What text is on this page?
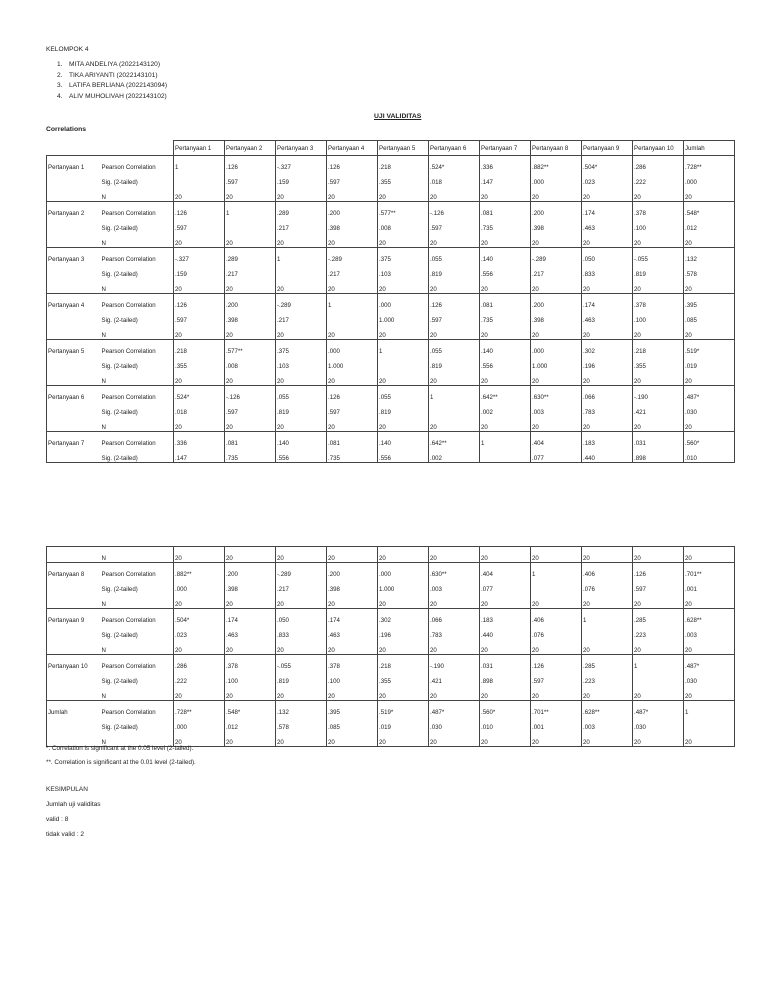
KELOMPOK 4
1. MITA ANDELIYA (2022143120)
2. TIKA ARIYANTI (2022143101)
3. LATIFA BERLIANA (2022143094)
4. ALIV MUHOLIVAH (2022143102)
UJI VALIDITAS
Correlations
		Pertanyaan 1	Pertanyaan 2	Pertanyaan 3	Pertanyaan 4	Pertanyaan 5	Pertanyaan 6	Pertanyaan 7	Pertanyaan 8	Pertanyaan 9	Pertanyaan 10	Jumlah
Pertanyaan 1	Pearson Correlation	1	.126	-.327	.126	.218	.524*	.336	.882**	.504*	.286	.728**
	Sig. (2-tailed)		.597	.159	.597	.355	.018	.147	.000	.023	.222	.000
	N	20	20	20	20	20	20	20	20	20	20	20
Pertanyaan 2	Pearson Correlation	.126	1	.289	.200	.577**	-.126	.081	.200	.174	.378	.548*
	Sig. (2-tailed)	.597		.217	.398	.008	.597	.735	.398	.463	.100	.012
	N	20	20	20	20	20	20	20	20	20	20	20
Pertanyaan 3	Pearson Correlation	-.327	.289	1	-.289	.375	.055	.140	-.289	.050	-.055	.132
	Sig. (2-tailed)	.159	.217		.217	.103	.819	.556	.217	.833	.819	.578
	N	20	20	20	20	20	20	20	20	20	20	20
Pertanyaan 4	Pearson Correlation	.126	.200	-.289	1	.000	.126	.081	.200	.174	.378	.395
	Sig. (2-tailed)	.597	.398	.217		1.000	.597	.735	.398	.463	.100	.085
	N	20	20	20	20	20	20	20	20	20	20	20
Pertanyaan 5	Pearson Correlation	.218	.577**	.375	.000	1	.055	.140	.000	.302	.218	.519*
	Sig. (2-tailed)	.355	.008	.103	1.000		.819	.556	1.000	.196	.355	.019
	N	20	20	20	20	20	20	20	20	20	20	20
Pertanyaan 6	Pearson Correlation	.524*	-.126	.055	.126	.055	1	.642**	.630**	.066	-.190	.487*
	Sig. (2-tailed)	.018	.597	.819	.597	.819		.002	.003	.783	.421	.030
	N	20	20	20	20	20	20	20	20	20	20	20
Pertanyaan 7	Pearson Correlation	.336	.081	.140	.081	.140	.642**	1	.404	.183	.031	.560*
	Sig. (2-tailed)	.147	.735	.556	.735	.556	.002		.077	.440	.898	.010
	N	20	20	20	20	20	20	20	20	20	20	20
Pertanyaan 8	Pearson Correlation	.882**	.200	-.289	.200	.000	.630**	.404	1	.406	.126	.701**
	Sig. (2-tailed)	.000	.398	.217	.398	1.000	.003	.077		.076	.597	.001
	N	20	20	20	20	20	20	20	20	20	20	20
Pertanyaan 9	Pearson Correlation	.504*	.174	.050	.174	.302	.066	.183	.406	1	.285	.628**
	Sig. (2-tailed)	.023	.463	.833	.463	.196	.783	.440	.076		.223	.003
	N	20	20	20	20	20	20	20	20	20	20	20
Pertanyaan 10	Pearson Correlation	.286	.378	-.055	.378	.218	-.190	.031	.126	.285	1	.487*
	Sig. (2-tailed)	.222	.100	.819	.100	.355	.421	.898	.597	.223		.030
	N	20	20	20	20	20	20	20	20	20	20	20
Jumlah	Pearson Correlation	.728**	.548*	.132	.395	.519*	.487*	.560*	.701**	.628**	.487*	1
	Sig. (2-tailed)	.000	.012	.578	.085	.019	.030	.010	.001	.003	.030	
	N	20	20	20	20	20	20	20	20	20	20	20
*. Correlation is significant at the 0.05 level (2-tailed).
**. Correlation is significant at the 0.01 level (2-tailed).
KESIMPULAN
Jumlah uji validitas
valid : 8
tidak valid : 2
